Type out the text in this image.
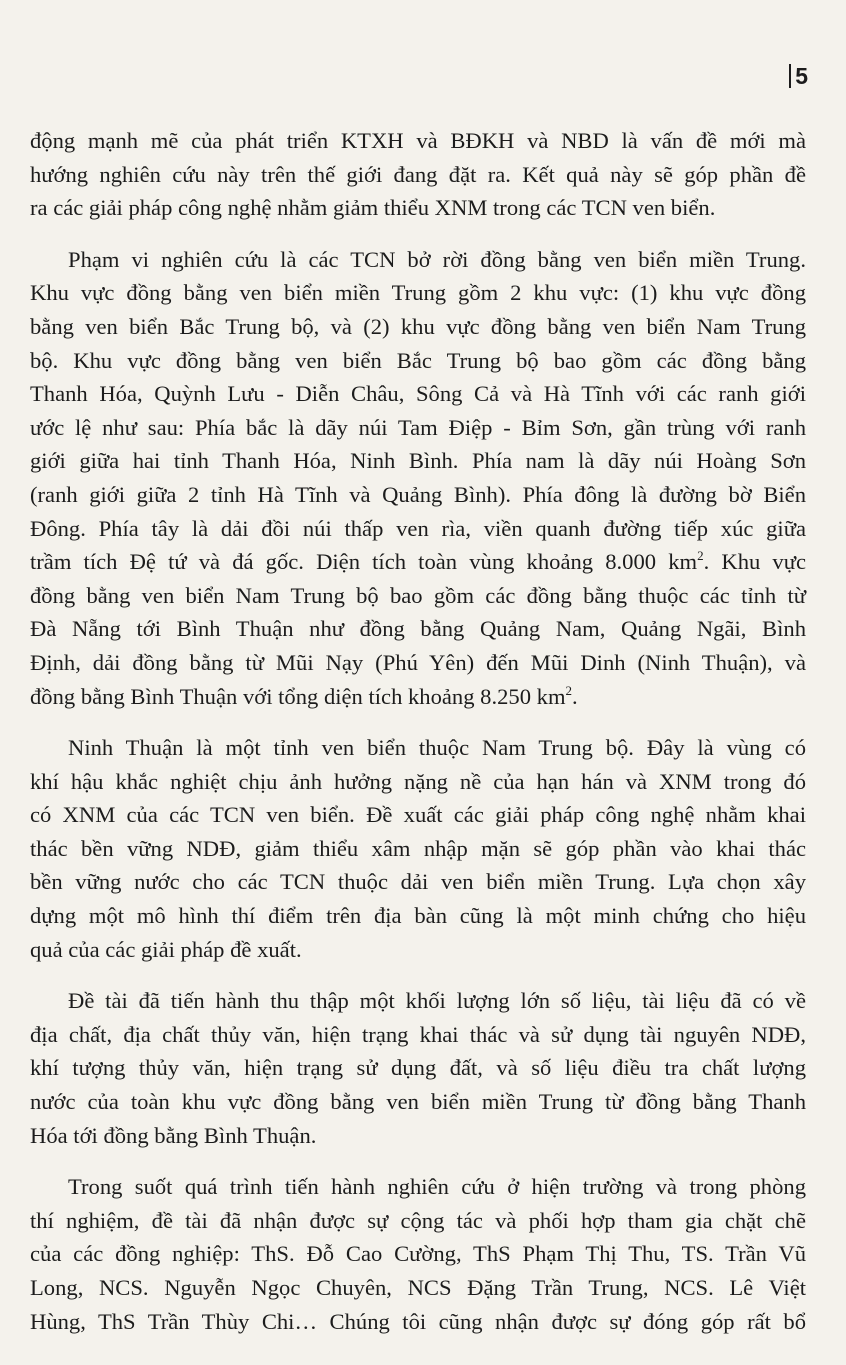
5

động mạnh mẽ của phát triển KTXH và BĐKH và NBD là vấn đề mới mà
hướng nghiên cứu này trên thế giới đang đặt ra. Kết quả này sẽ góp phần đề
ra các giải pháp công nghệ nhằm giảm thiểu XNM trong các TCN ven biển.

Phạm vi nghiên cứu là các TCN bở rời đồng bằng ven biển miền Trung.
Khu vực đồng bằng ven biển miền Trung gồm 2 khu vực: (1) khu vực đồng
bằng ven biển Bắc Trung bộ, và (2) khu vực đồng bằng ven biển Nam Trung
bộ. Khu vực đồng bằng ven biển Bắc Trung bộ bao gồm các đồng bằng
Thanh Hóa, Quỳnh Lưu - Diễn Châu, Sông Cả và Hà Tĩnh với các ranh giới
ước lệ như sau: Phía bắc là dãy núi Tam Điệp - Bỉm Sơn, gần trùng với ranh
giới giữa hai tỉnh Thanh Hóa, Ninh Bình. Phía nam là dãy núi Hoàng Sơn
(ranh giới giữa 2 tỉnh Hà Tĩnh và Quảng Bình). Phía đông là đường bờ Biển
Đông. Phía tây là dải đồi núi thấp ven rìa, viền quanh đường tiếp xúc giữa
trầm tích Đệ tứ và đá gốc. Diện tích toàn vùng khoảng 8.000 $km^2$. Khu vực
đồng bằng ven biển Nam Trung bộ bao gồm các đồng bằng thuộc các tỉnh từ
Đà Nẵng tới Bình Thuận như đồng bằng Quảng Nam, Quảng Ngãi, Bình
Định, dải đồng bằng từ Mũi Nạy (Phú Yên) đến Mũi Dinh (Ninh Thuận), và
đồng bằng Bình Thuận với tổng diện tích khoảng 8.250 $km^2$.

Ninh Thuận là một tỉnh ven biển thuộc Nam Trung bộ. Đây là vùng có
khí hậu khắc nghiệt chịu ảnh hưởng nặng nề của hạn hán và XNM trong đó
có XNM của các TCN ven biển. Đề xuất các giải pháp công nghệ nhằm khai
thác bền vững NDĐ, giảm thiểu xâm nhập mặn sẽ góp phần vào khai thác
bền vững nước cho các TCN thuộc dải ven biển miền Trung. Lựa chọn xây
dựng một mô hình thí điểm trên địa bàn cũng là một minh chứng cho hiệu
quả của các giải pháp đề xuất.

Đề tài đã tiến hành thu thập một khối lượng lớn số liệu, tài liệu đã có về
địa chất, địa chất thủy văn, hiện trạng khai thác và sử dụng tài nguyên NDĐ,
khí tượng thủy văn, hiện trạng sử dụng đất, và số liệu điều tra chất lượng
nước của toàn khu vực đồng bằng ven biển miền Trung từ đồng bằng Thanh
Hóa tới đồng bằng Bình Thuận.

Trong suốt quá trình tiến hành nghiên cứu ở hiện trường và trong phòng
thí nghiệm, đề tài đã nhận được sự cộng tác và phối hợp tham gia chặt chẽ
của các đồng nghiệp: ThS. Đỗ Cao Cường, ThS Phạm Thị Thu, TS. Trần Vũ
Long, NCS. Nguyễn Ngọc Chuyên, NCS Đặng Trần Trung, NCS. Lê Việt
Hùng, ThS Trần Thùy Chi… Chúng tôi cũng nhận được sự đóng góp rất bổ
